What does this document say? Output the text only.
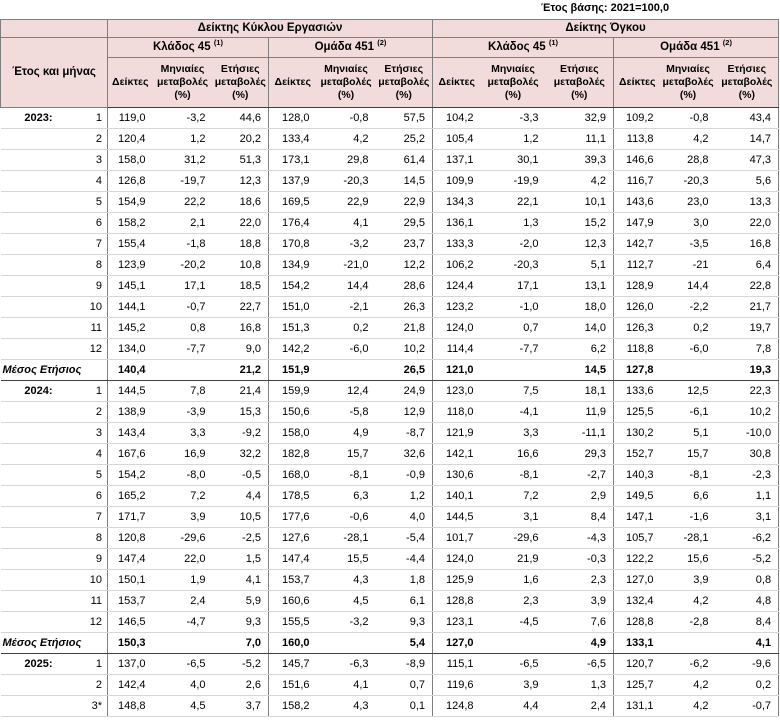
Έτος βάσης: 2021=100,0
		Δείκτης Κύκλου Εργασιών						Δείκτης Όγκου					
Έτος και μήνας		Κλάδος 45 $^{(1)}$			Ομάδα 451 $^{(2)}$			Κλάδος 45 $^{(1)}$			Ομάδα 451 $^{(2)}$
		Δείκτες	Μηνιαίες μεταβολές (%)	Ετήσιες μεταβολές (%)	Δείκτες	Μηνιαίες μεταβολές (%)	Ετήσιες μεταβολές (%)	Δείκτες	Μηνιαίες μεταβολές (%)	Ετήσιες μεταβολές (%)	Δείκτες	Μηνιαίες μεταβολές (%)	Ετήσιες μεταβολές (%)
2023:	1	119,0	-3,2	44,6	128,0	-0,8	57,5	104,2	-3,3	32,9	109,2	-0,8	43,4
	2	120,4	1,2	20,2	133,4	4,2	25,2	105,4	1,2	11,1	113,8	4,2	14,7
	3	158,0	31,2	51,3	173,1	29,8	61,4	137,1	30,1	39,3	146,6	28,8	47,3
	4	126,8	-19,7	12,3	137,9	-20,3	14,5	109,9	-19,9	4,2	116,7	-20,3	5,6
	5	154,9	22,2	18,6	169,5	22,9	22,9	134,3	22,1	10,1	143,6	23,0	13,3
	6	158,2	2,1	22,0	176,4	4,1	29,5	136,1	1,3	15,2	147,9	3,0	22,0
	7	155,4	-1,8	18,8	170,8	-3,2	23,7	133,3	-2,0	12,3	142,7	-3,5	16,8
	8	123,9	-20,2	10,8	134,9	-21,0	12,2	106,2	-20,3	5,1	112,7	-21	6,4
	9	145,1	17,1	18,5	154,2	14,4	28,6	124,4	17,1	13,1	128,9	14,4	22,8
	10	144,1	-0,7	22,7	151,0	-2,1	26,3	123,2	-1,0	18,0	126,0	-2,2	21,7
	11	145,2	0,8	16,8	151,3	0,2	21,8	124,0	0,7	14,0	126,3	0,2	19,7
	12	134,0	-7,7	9,0	142,2	-6,0	10,2	114,4	-7,7	6,2	118,8	-6,0	7,8
Μέσος Ετήσιος		140,4		21,2	151,9		26,5	121,0		14,5	127,8		19,3
2024:	1	144,5	7,8	21,4	159,9	12,4	24,9	123,0	7,5	18,1	133,6	12,5	22,3
	2	138,9	-3,9	15,3	150,6	-5,8	12,9	118,0	-4,1	11,9	125,5	-6,1	10,2
	3	143,4	3,3	-9,2	158,0	4,9	-8,7	121,9	3,3	-11,1	130,2	5,1	-10,0
	4	167,6	16,9	32,2	182,8	15,7	32,6	142,1	16,6	29,3	152,7	15,7	30,8
	5	154,2	-8,0	-0,5	168,0	-8,1	-0,9	130,6	-8,1	-2,7	140,3	-8,1	-2,3
	6	165,2	7,2	4,4	178,5	6,3	1,2	140,1	7,2	2,9	149,5	6,6	1,1
	7	171,7	3,9	10,5	177,6	-0,6	4,0	144,5	3,1	8,4	147,1	-1,6	3,1
	8	120,8	-29,6	-2,5	127,6	-28,1	-5,4	101,7	-29,6	-4,3	105,7	-28,1	-6,2
	9	147,4	22,0	1,5	147,4	15,5	-4,4	124,0	21,9	-0,3	122,2	15,6	-5,2
	10	150,1	1,9	4,1	153,7	4,3	1,8	125,9	1,6	2,3	127,0	3,9	0,8
	11	153,7	2,4	5,9	160,6	4,5	6,1	128,8	2,3	3,9	132,4	4,2	4,8
	12	146,5	-4,7	9,3	155,5	-3,2	9,3	123,1	-4,5	7,6	128,8	-2,8	8,4
Μέσος Ετήσιος		150,3		7,0	160,0		5,4	127,0		4,9	133,1		4,1
2025:	1	137,0	-6,5	-5,2	145,7	-6,3	-8,9	115,1	-6,5	-6,5	120,7	-6,2	-9,6
	2	142,4	4,0	2,6	151,6	4,1	0,7	119,6	3,9	1,3	125,7	4,2	0,2
	3*	148,8	4,5	3,7	158,2	4,3	0,1	124,8	4,4	2,4	131,1	4,2	-0,7
